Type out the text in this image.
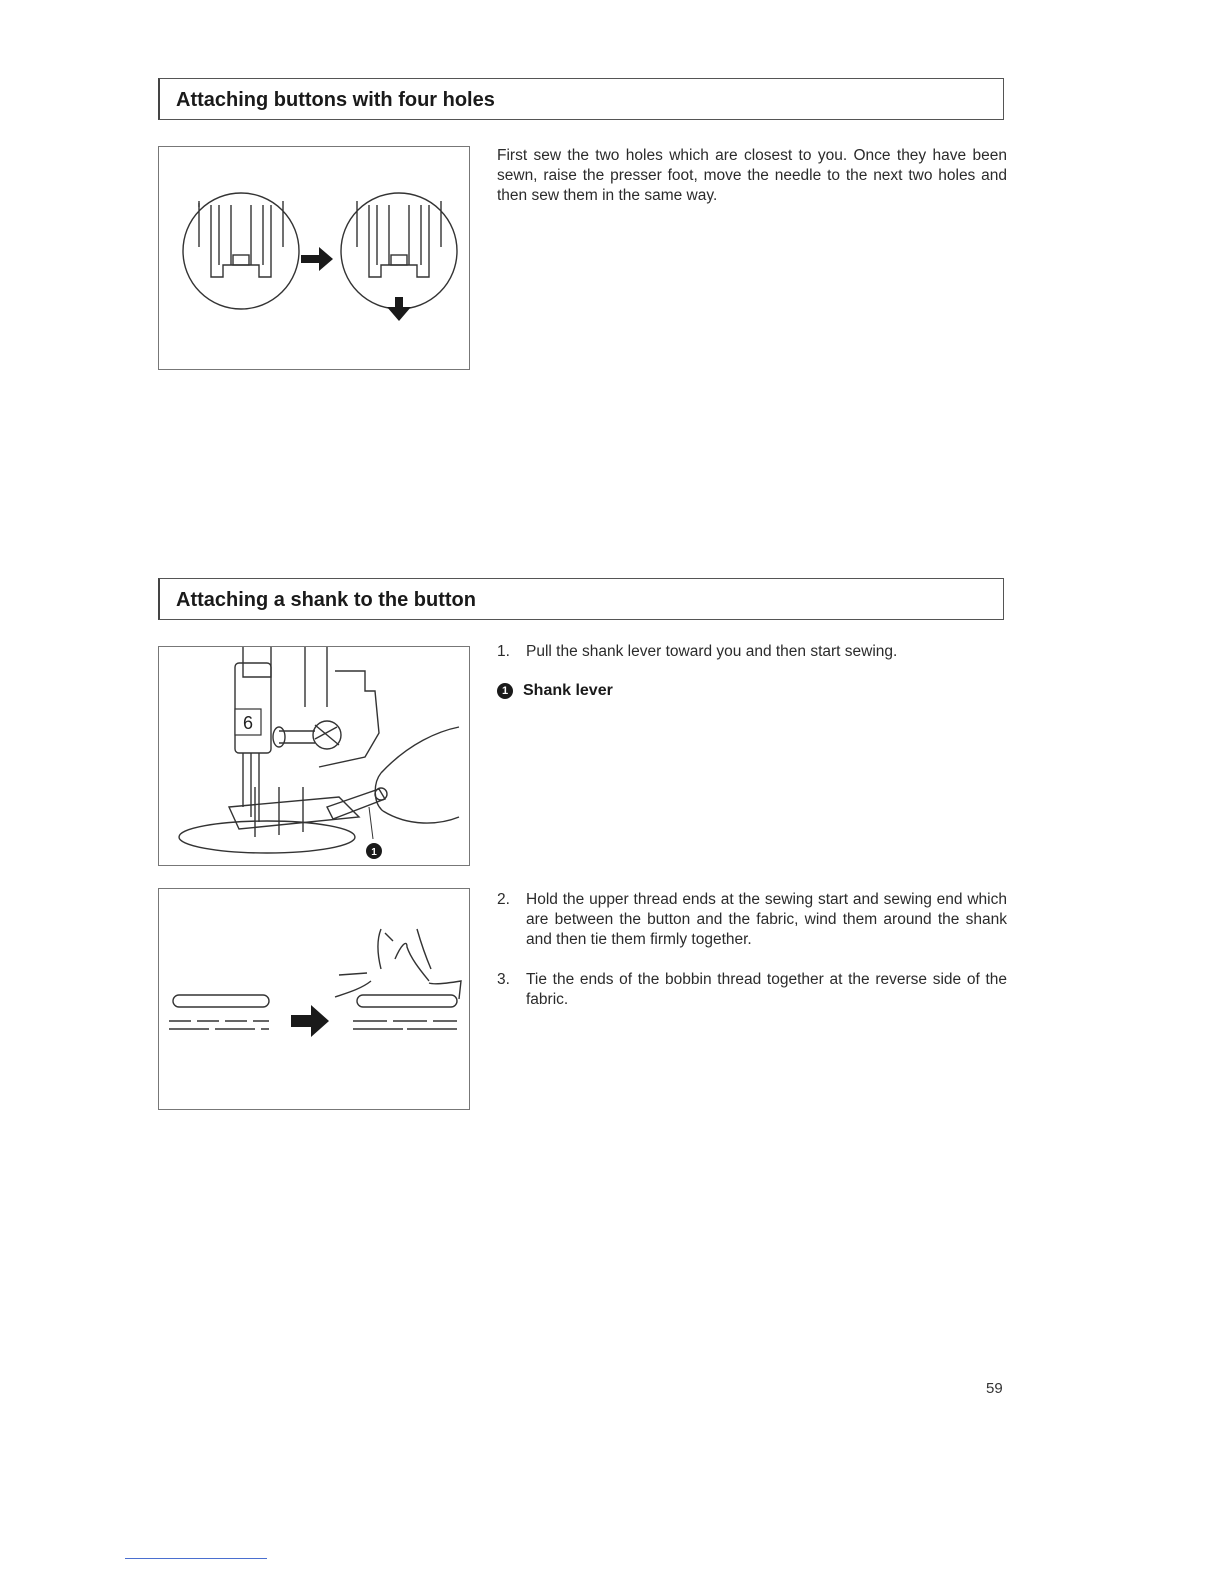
Attaching buttons with four holes
First sew the two holes which are closest to you. Once they have been sewn, raise the presser foot, move the needle to the next two holes and then sew them in the same way.
Attaching a shank to the button
6
1
1.	Pull the shank lever toward you and then start sewing.
1 Shank lever
2.	Hold the upper thread ends at the sewing start and sewing end which are between the button and the fabric, wind them around the shank and then tie them firmly together.
3.	Tie the ends of the bobbin thread together at the reverse side of the fabric.
59
